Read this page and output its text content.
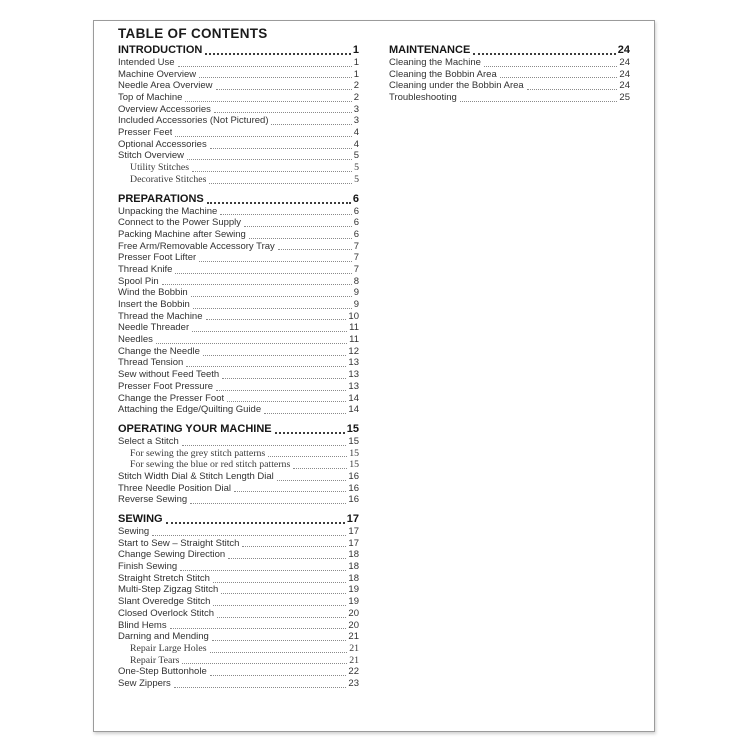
TABLE OF CONTENTS
INTRODUCTION	1
Intended Use	1
Machine Overview	1
Needle Area Overview	2
Top of Machine	2
Overview Accessories	3
Included Accessories (Not Pictured)	3
Presser Feet	4
Optional Accessories	4
Stitch Overview	5
Utility Stitches	5
Decorative Stitches	5
PREPARATIONS	6
Unpacking the Machine	6
Connect to the Power Supply	6
Packing Machine after Sewing	6
Free Arm/Removable Accessory Tray	7
Presser Foot Lifter	7
Thread Knife	7
Spool Pin	8
Wind the Bobbin	9
Insert the Bobbin	9
Thread the Machine	10
Needle Threader	11
Needles	11
Change the Needle	12
Thread Tension	13
Sew without Feed Teeth	13
Presser Foot Pressure	13
Change the Presser Foot	14
Attaching the Edge/Quilting Guide	14
OPERATING YOUR MACHINE	15
Select a Stitch	15
For sewing the grey stitch patterns	15
For sewing the blue or red stitch patterns	15
Stitch Width Dial & Stitch Length Dial	16
Three Needle Position Dial	16
Reverse Sewing	16
SEWING	17
Sewing	17
Start to Sew – Straight Stitch	17
Change Sewing Direction	18
Finish Sewing	18
Straight Stretch Stitch	18
Multi-Step Zigzag Stitch	19
Slant Overedge Stitch	19
Closed Overlock Stitch	20
Blind Hems	20
Darning and Mending	21
Repair Large Holes	21
Repair Tears	21
One-Step Buttonhole	22
Sew Zippers	23
MAINTENANCE	24
Cleaning the Machine	24
Cleaning the Bobbin Area	24
Cleaning under the Bobbin Area	24
Troubleshooting	25
